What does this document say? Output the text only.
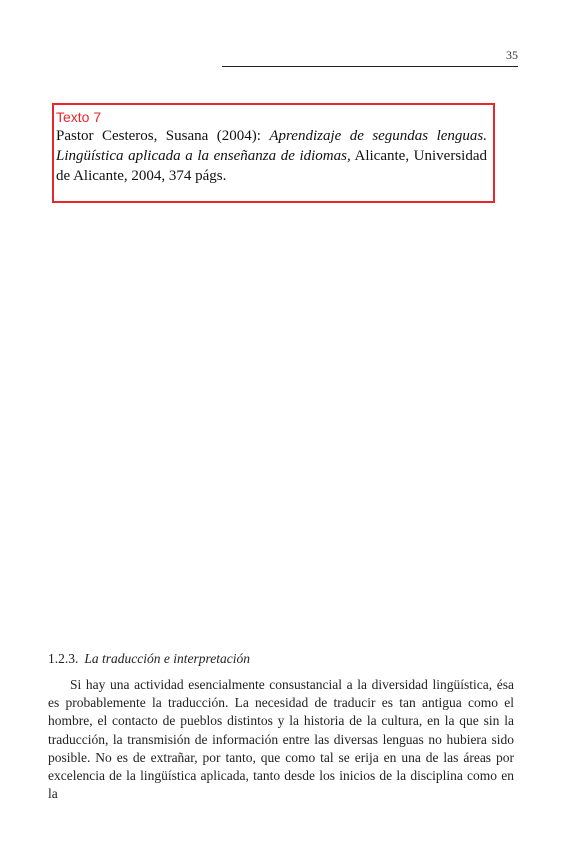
35
Texto 7
Pastor Cesteros, Susana (2004): Aprendizaje de segundas lenguas. Lingüística aplicada a la enseñanza de idiomas, Alicante, Universidad de Alicante, 2004, 374 págs.
1.2.3. La traducción e interpretación

Si hay una actividad esencialmente consustancial a la diversidad lingüística, ésa es probablemente la traducción. La necesidad de traducir es tan antigua como el hombre, el contacto de pueblos distintos y la historia de la cultura, en la que sin la traducción, la transmisión de información entre las diversas lenguas no hubiera sido posible. No es de extrañar, por tanto, que como tal se erija en una de las áreas por excelencia de la lingüística aplicada, tanto desde los inicios de la disciplina como en la
